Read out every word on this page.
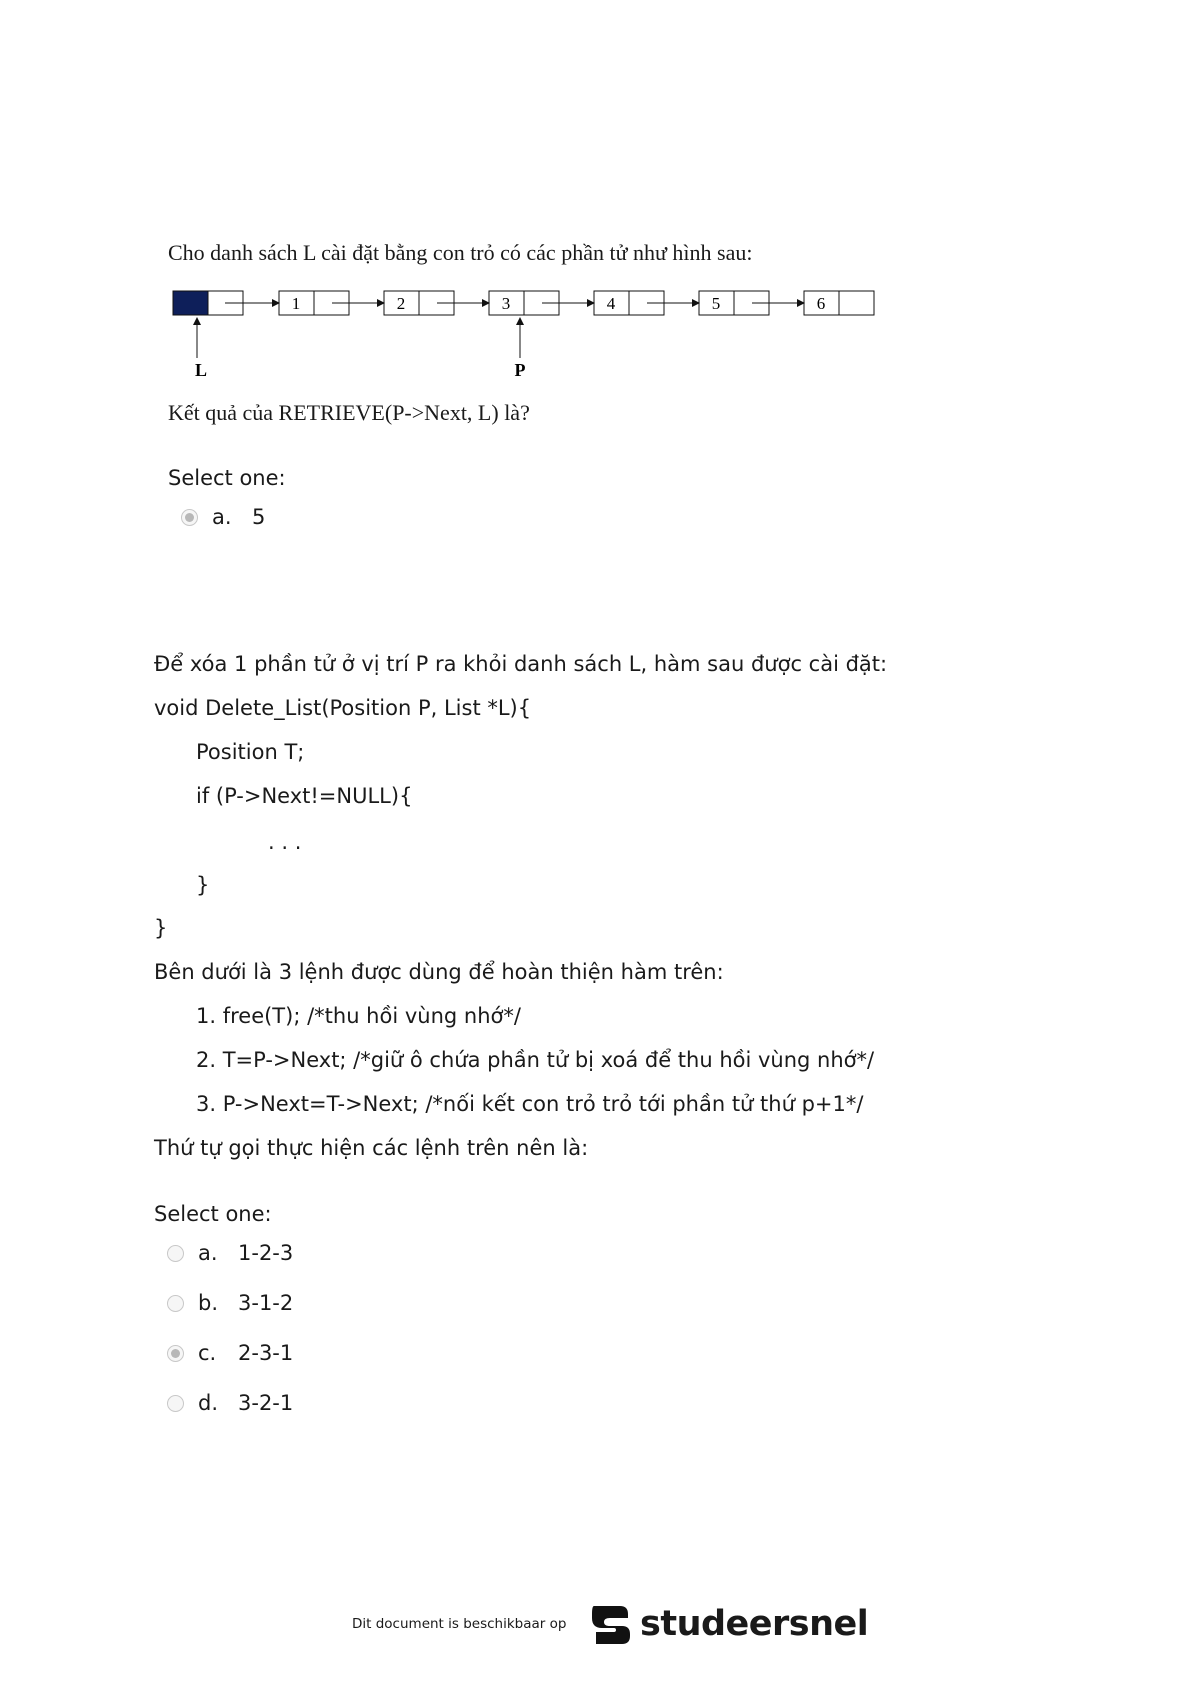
Cho danh sách L cài đặt bằng con trỏ có các phần tử như hình sau:
1	2	3	4	5	6
L	P
Kết quả của RETRIEVE(P->Next, L) là?
Select one:
a. 5
Để xóa 1 phần tử ở vị trí P ra khỏi danh sách L, hàm sau được cài đặt:
void Delete_List(Position P, List *L){
Position T;
if (P->Next!=NULL){
. . .
}
}
Bên dưới là 3 lệnh được dùng để hoàn thiện hàm trên:
1. free(T); /*thu hồi vùng nhớ*/
2. T=P->Next; /*giữ ô chứa phần tử bị xoá để thu hồi vùng nhớ*/
3. P->Next=T->Next; /*nối kết con trỏ trỏ tới phần tử thứ p+1*/
Thứ tự gọi thực hiện các lệnh trên nên là:
Select one:
a. 1-2-3
b. 3-1-2
c.	2-3-1
d. 3-2-1
Dit document is beschikbaar op studeersnel
